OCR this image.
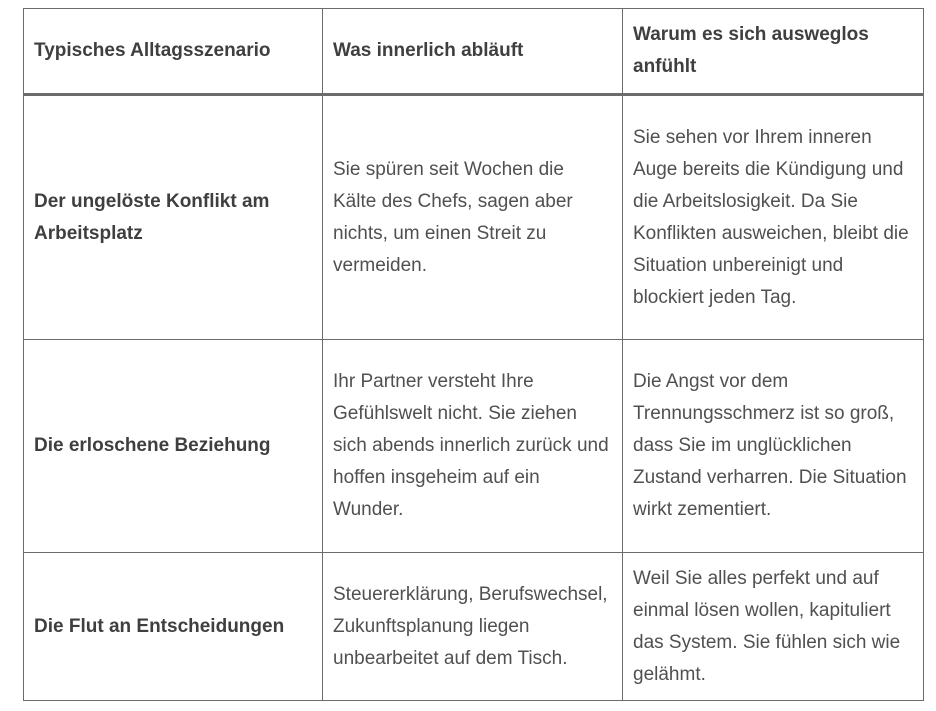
Typisches Alltagsszenario	Was innerlich abläuft	Warum es sich ausweglos anfühlt
Der ungelöste Konflikt am Arbeitsplatz	Sie spüren seit Wochen die Kälte des Chefs, sagen aber nichts, um einen Streit zu vermeiden.	Sie sehen vor Ihrem inneren Auge bereits die Kündigung und die Arbeitslosigkeit. Da Sie Konflikten ausweichen, bleibt die Situation unbereinigt und blockiert jeden Tag.
Die erloschene Beziehung	Ihr Partner versteht Ihre Gefühlswelt nicht. Sie ziehen sich abends innerlich zurück und hoffen insgeheim auf ein Wunder.	Die Angst vor dem Trennungsschmerz ist so groß, dass Sie im unglücklichen Zustand verharren. Die Situation wirkt zementiert.
Die Flut an Entscheidungen	Steuererklärung, Berufswechsel, Zukunftsplanung liegen unbearbeitet auf dem Tisch.	Weil Sie alles perfekt und auf einmal lösen wollen, kapituliert das System. Sie fühlen sich wie gelähmt.
